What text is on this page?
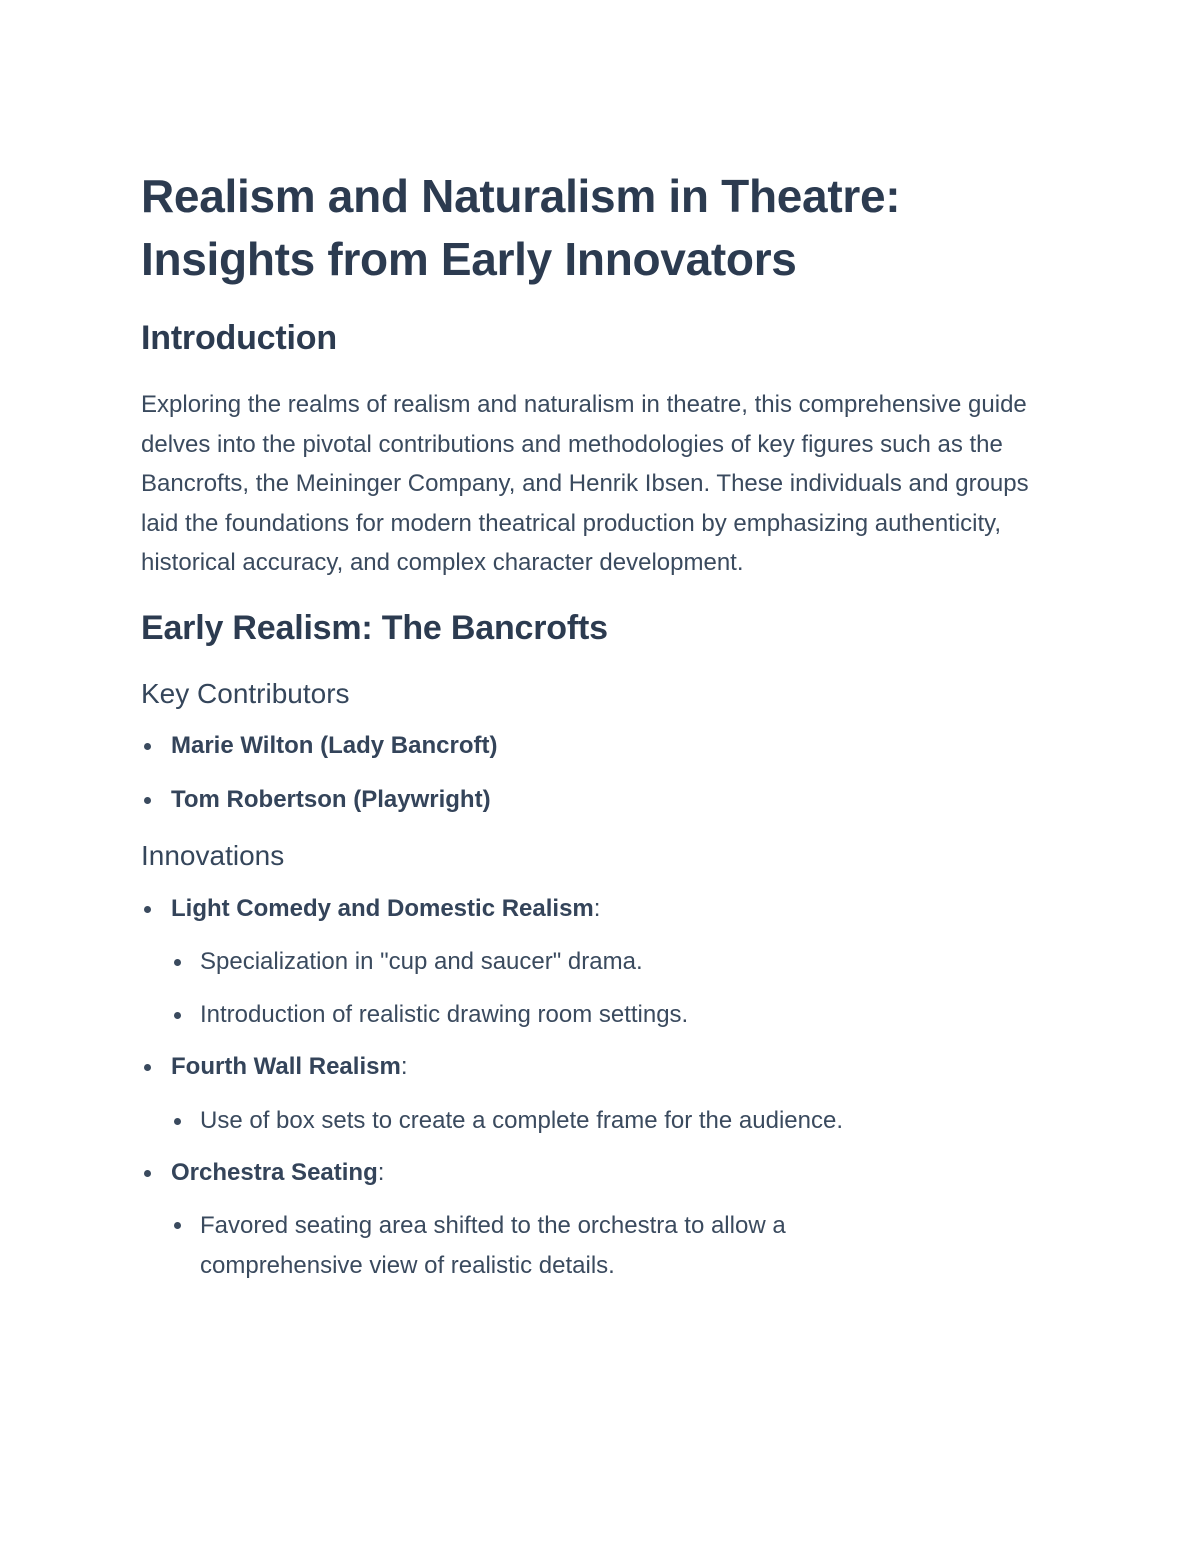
Realism and Naturalism in Theatre:
Insights from Early Innovators
Introduction

Exploring the realms of realism and naturalism in theatre, this comprehensive guide delves into the pivotal contributions and methodologies of key figures such as the Bancrofts, the Meininger Company, and Henrik Ibsen. These individuals and groups laid the foundations for modern theatrical production by emphasizing authenticity, historical accuracy, and complex character development.

Early Realism: The Bancrofts
Key Contributors
Marie Wilton (Lady Bancroft)
Tom Robertson (Playwright)
Innovations
Light Comedy and Domestic Realism:
Specialization in "cup and saucer" drama.
Introduction of realistic drawing room settings.
Fourth Wall Realism:
Use of box sets to create a complete frame for the audience.
Orchestra Seating:
Favored seating area shifted to the orchestra to allow a comprehensive view of realistic details.
